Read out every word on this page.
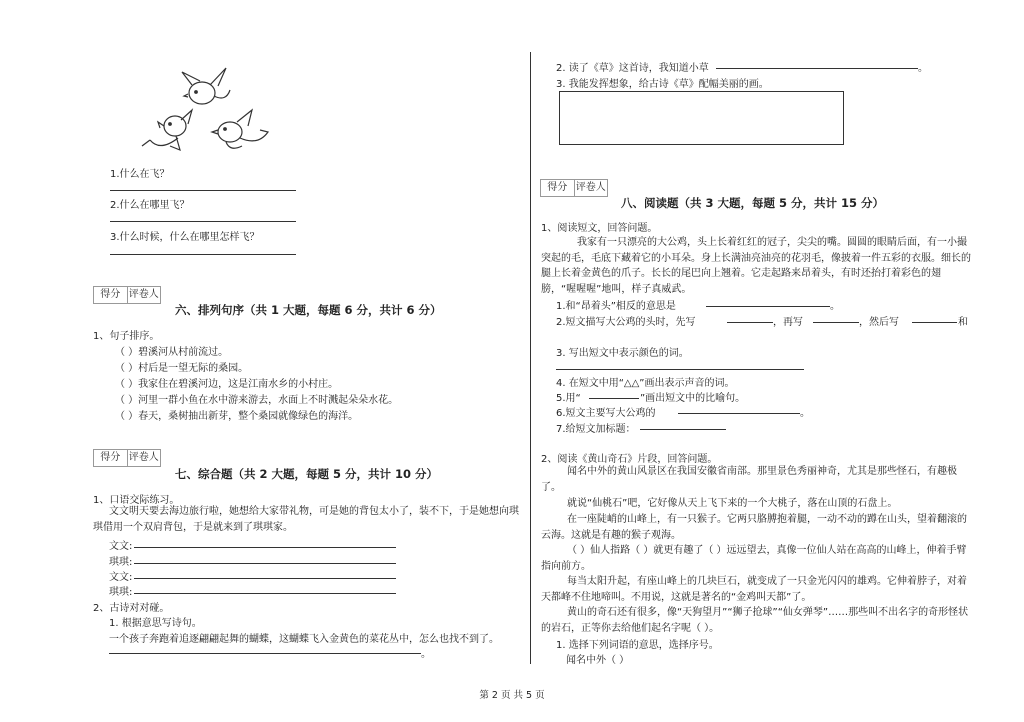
1.什么在飞？
2.什么在哪里飞？
3.什么时候，什么在哪里怎样飞？
得分 评卷人
六、排列句序（共 1 大题，每题 6 分，共计 6 分）
1、句子排序。
（ ）碧溪河从村前流过。
（ ）村后是一望无际的桑园。
（ ）我家住在碧溪河边，这是江南水乡的小村庄。
（ ）河里一群小鱼在水中游来游去，水面上不时溅起朵朵水花。
（ ）春天，桑树抽出新芽，整个桑园就像绿色的海洋。
得分 评卷人
七、综合题（共 2 大题，每题 5 分，共计 10 分）
1、口语交际练习。
文文明天要去海边旅行啦，她想给大家带礼物，可是她的背包太小了，装不下，于是她想向琪琪借用一个双肩背包，于是就来到了琪琪家。
文文:
琪琪:
文文:
琪琪:
2、古诗对对碰。
1. 根据意思写诗句。
一个孩子奔跑着追逐翩翩起舞的蝴蝶，这蝴蝶飞入金黄色的菜花丛中，怎么也找不到了。
。
2. 读了《草》这首诗，我知道小草	。
3. 我能发挥想象，给古诗《草》配幅美丽的画。
得分 评卷人
八、阅读题（共 3 大题，每题 5 分，共计 15 分）
1、阅读短文，回答问题。
我家有一只漂亮的大公鸡，头上长着红红的冠子，尖尖的嘴。圆圆的眼睛后面，有一小撮突起的毛，毛底下藏着它的小耳朵。身上长满油亮油亮的花羽毛，像披着一件五彩的衣服。细长的腿上长着金黄色的爪子。长长的尾巴向上翘着。它走起路来昂着头，有时还抬打着彩色的翅膀，“喔喔喔”地叫，样子真威武。
1.和“昂着头”相反的意思是	。
2.短文描写大公鸡的头时，先写	，再写	，然后写	和
3. 写出短文中表示颜色的词。
4. 在短文中用“△△”画出表示声音的词。
5.用“	”画出短文中的比喻句。
6.短文主要写大公鸡的	。
7.给短文加标题：
2、阅读《黄山奇石》片段，回答问题。
闻名中外的黄山风景区在我国安徽省南部。那里景色秀丽神奇，尤其是那些怪石，有趣极了。
就说“仙桃石”吧，它好像从天上飞下来的一个大桃子，落在山顶的石盘上。
在一座陡峭的山峰上，有一只猴子。它两只胳膊抱着腿，一动不动的蹲在山头，望着翻滚的云海。这就是有趣的猴子观海。
（ ）仙人指路（ ）就更有趣了（ ）远远望去，真像一位仙人站在高高的山峰上，伸着手臂指向前方。
每当太阳升起，有座山峰上的几块巨石，就变成了一只金光闪闪的雄鸡。它伸着脖子，对着天都峰不住地啼叫。不用说，这就是著名的“金鸡叫天都”了。
黄山的奇石还有很多，像“天狗望月”“狮子抢球”“仙女弹琴”……那些叫不出名字的奇形怪状的岩石，正等你去给他们起名字呢（ ）。
1. 选择下列词语的意思，选择序号。
闻名中外（ ）
第 2 页 共 5 页
